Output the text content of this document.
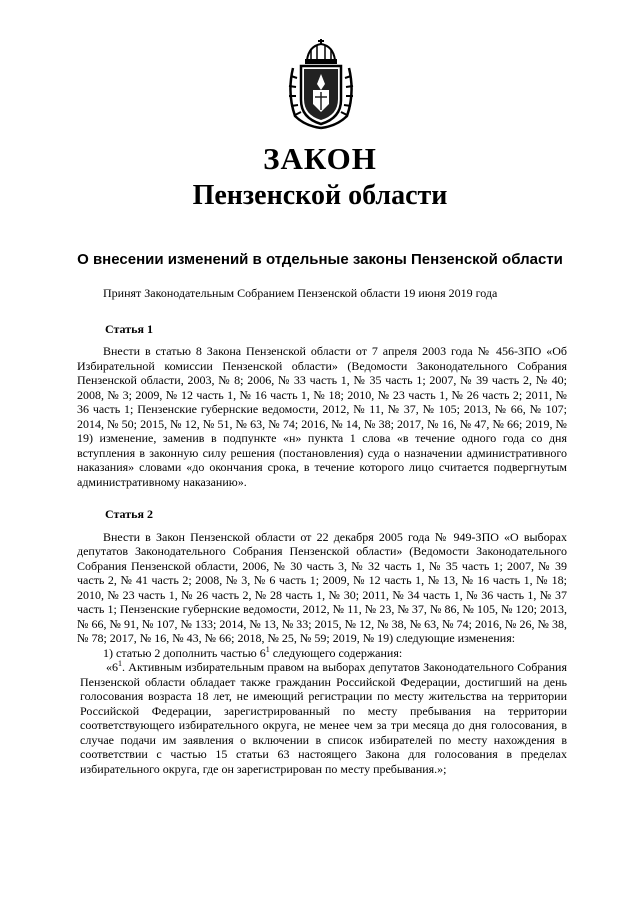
ЗАКОН
Пензенской области
О внесении изменений в отдельные законы Пензенской области

Принят Законодательным Собранием Пензенской области 19 июня 2019 года

Статья 1

Внести в статью 8 Закона Пензенской области от 7 апреля 2003 года № 456-ЗПО «Об Избирательной комиссии Пензенской области» (Ведомости Законодательного Собрания Пензенской области, 2003, № 8; 2006, № 33 часть 1, № 35 часть 1; 2007, № 39 часть 2, № 40; 2008, № 3; 2009, № 12 часть 1, № 16 часть 1, № 18; 2010, № 23 часть 1, № 26 часть 2; 2011, № 36 часть 1; Пензенские губернские ведомости, 2012, № 11, № 37, № 105; 2013, № 66, № 107; 2014, № 50; 2015, № 12, № 51, № 63, № 74; 2016, № 14, № 38; 2017, № 16, № 47, № 66; 2019, № 19) изменение, заменив в подпункте «н» пункта 1 слова «в течение одного года со дня вступления в законную силу решения (постановления) суда о назначении административного наказания» словами «до окончания срока, в течение которого лицо считается подвергнутым административному наказанию».

Статья 2

Внести в Закон Пензенской области от 22 декабря 2005 года № 949-ЗПО «О выборах депутатов Законодательного Собрания Пензенской области» (Ведомости Законодательного Собрания Пензенской области, 2006, № 30 часть 3, № 32 часть 1, № 35 часть 1; 2007, № 39 часть 2, № 41 часть 2; 2008, № 3, № 6 часть 1; 2009, № 12 часть 1, № 13, № 16 часть 1, № 18; 2010, № 23 часть 1, № 26 часть 2, № 28 часть 1, № 30; 2011, № 34 часть 1, № 36 часть 1, № 37 часть 1; Пензенские губернские ведомости, 2012, № 11, № 23, № 37, № 86, № 105, № 120; 2013, № 66, № 91, № 107, № 133; 2014, № 13, № 33; 2015, № 12, № 38, № 63, № 74; 2016, № 26, № 38, № 78; 2017, № 16, № 43, № 66; 2018, № 25, № 59; 2019, № 19) следующие изменения:

1) статью 2 дополнить частью $6^1$ следующего содержания:

«$6^1$. Активным избирательным правом на выборах депутатов Законодательного Собрания Пензенской области обладает также гражданин Российской Федерации, достигший на день голосования возраста 18 лет, не имеющий регистрации по месту жительства на территории Российской Федерации, зарегистрированный по месту пребывания на территории соответствующего избирательного округа, не менее чем за три месяца до дня голосования, в случае подачи им заявления о включении в список избирателей по месту нахождения в соответствии с частью 15 статьи 63 настоящего Закона для голосования в пределах избирательного округа, где он зарегистрирован по месту пребывания.»;
